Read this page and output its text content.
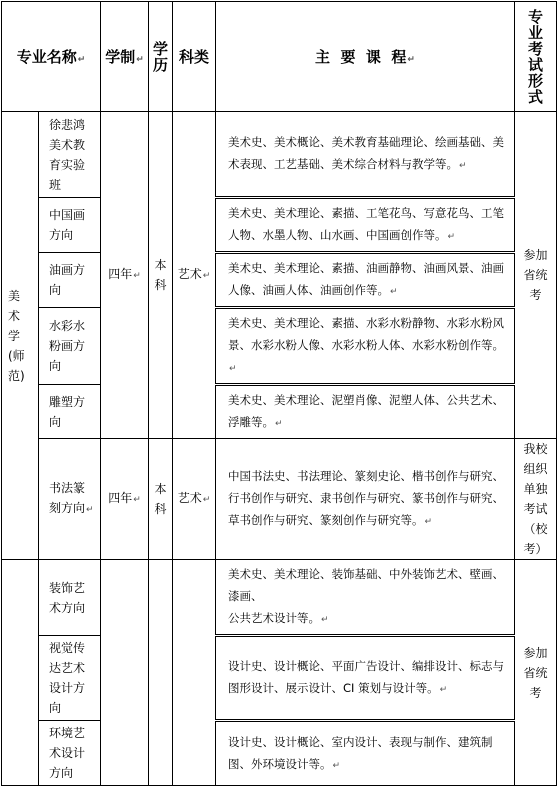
专业名称↵		学制↵	学历	科类	主  要  课  程↵	专业考试形式

美术学(师范)	徐悲鸿美术教育实验班	四年↵	本科	艺术↵	美术史、美术概论、美术教育基础理论、绘画基础、美术表现、工艺基础、美术综合材料与教学等。↵	参加省统考

	中国画方向				美术史、美术理论、素描、工笔花鸟、写意花鸟、工笔人物、水墨人物、山水画、中国画创作等。↵	
	油画方向				美术史、美术理论、素描、油画静物、油画风景、油画人像、油画人体、油画创作等。↵	
	水彩水粉画方向				美术史、美术理论、素描、水彩水粉静物、水彩水粉风景、水彩水粉人像、水彩水粉人体、水彩水粉创作等。↵	
	雕塑方向				美术史、美术理论、泥塑肖像、泥塑人体、公共艺术、浮雕等。↵	
	书法篆刻方向↵	四年↵	本科	艺术↵	中国书法史、书法理论、篆刻史论、楷书创作与研究、行书创作与研究、隶书创作与研究、篆书创作与研究、草书创作与研究、篆刻创作与研究等。↵	我校组织单独考试（校考）

	装饰艺术方向				美术史、美术理论、装饰基础、中外装饰艺术、壁画、漆画、
公共艺术设计等。↵	参加省统考

	视觉传达艺术设计方向				设计史、设计概论、平面广告设计、编排设计、标志与图形设计、展示设计、CI 策划与设计等。↵	
	环境艺术设计方向				设计史、设计概论、室内设计、表现与制作、建筑制图、外环境设计等。↵	
